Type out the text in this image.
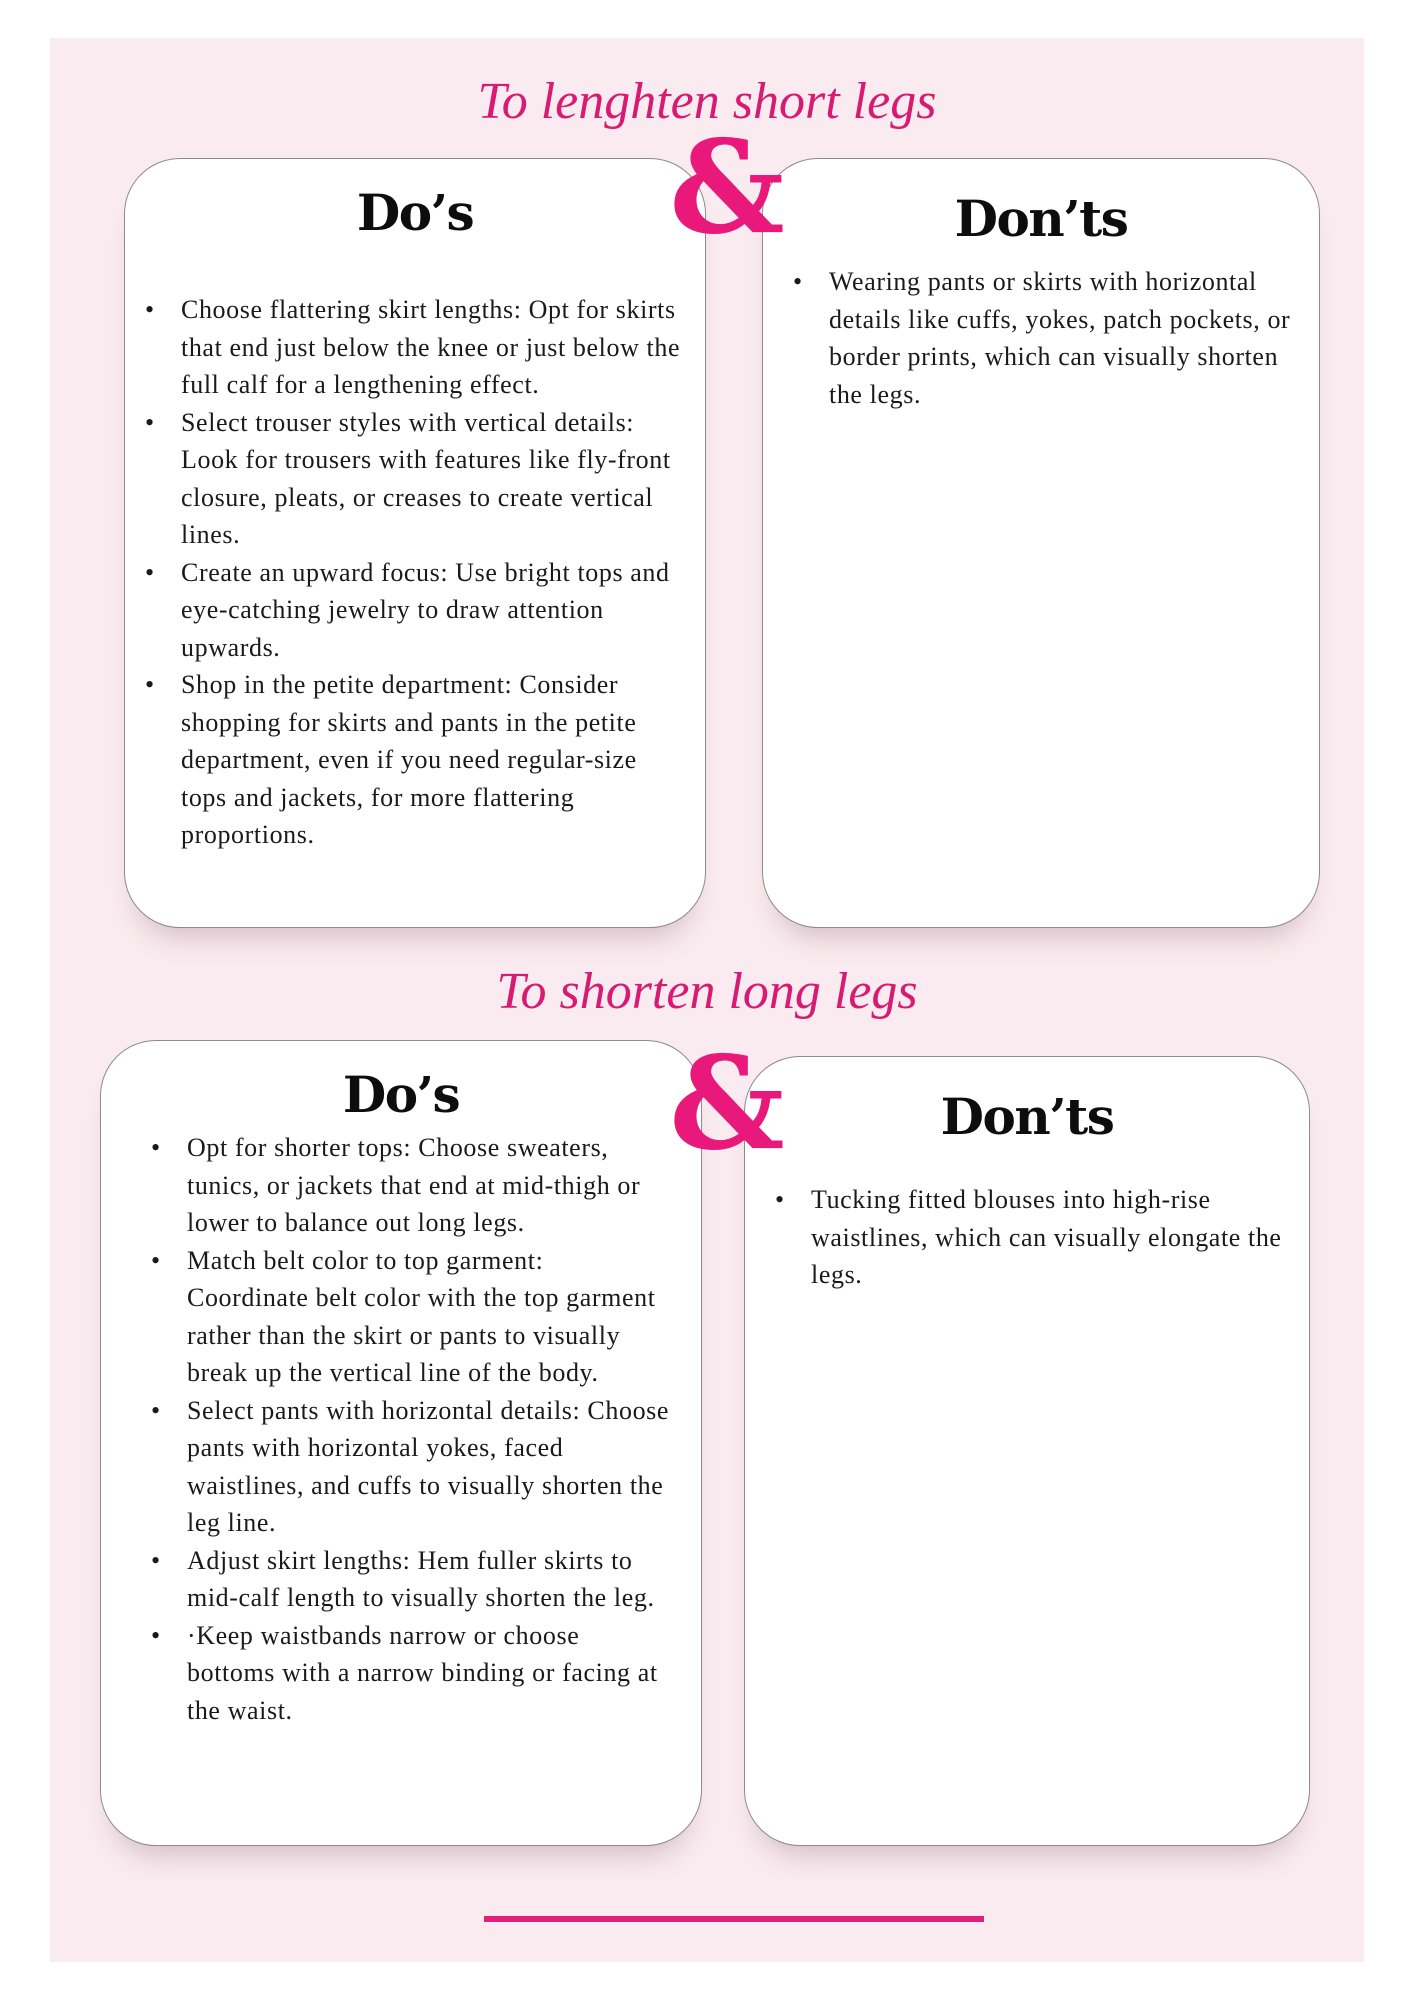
To lenghten short legs
Do’s
• Choose flattering skirt lengths: Opt for skirts that end just below the knee or just below the full calf for a lengthening effect.
• Select trouser styles with vertical details: Look for trousers with features like fly-front closure, pleats, or creases to create vertical lines.
• Create an upward focus: Use bright tops and eye-catching jewelry to draw attention upwards.
• Shop in the petite department: Consider shopping for skirts and pants in the petite department, even if you need regular-size tops and jackets, for more flattering proportions.
&	Don’ts
• Wearing pants or skirts with horizontal details like cuffs, yokes, patch pockets, or border prints, which can visually shorten the legs.
To shorten long legs
Do’s
• Opt for shorter tops: Choose sweaters, tunics, or jackets that end at mid-thigh or lower to balance out long legs.
• Match belt color to top garment: Coordinate belt color with the top garment rather than the skirt or pants to visually break up the vertical line of the body.
• Select pants with horizontal details: Choose pants with horizontal yokes, faced waistlines, and cuffs to visually shorten the leg line.
• Adjust skirt lengths: Hem fuller skirts to mid-calf length to visually shorten the leg.
• ·Keep waistbands narrow or choose bottoms with a narrow binding or facing at the waist.
&	Don’ts
• Tucking fitted blouses into high-rise waistlines, which can visually elongate the legs.
